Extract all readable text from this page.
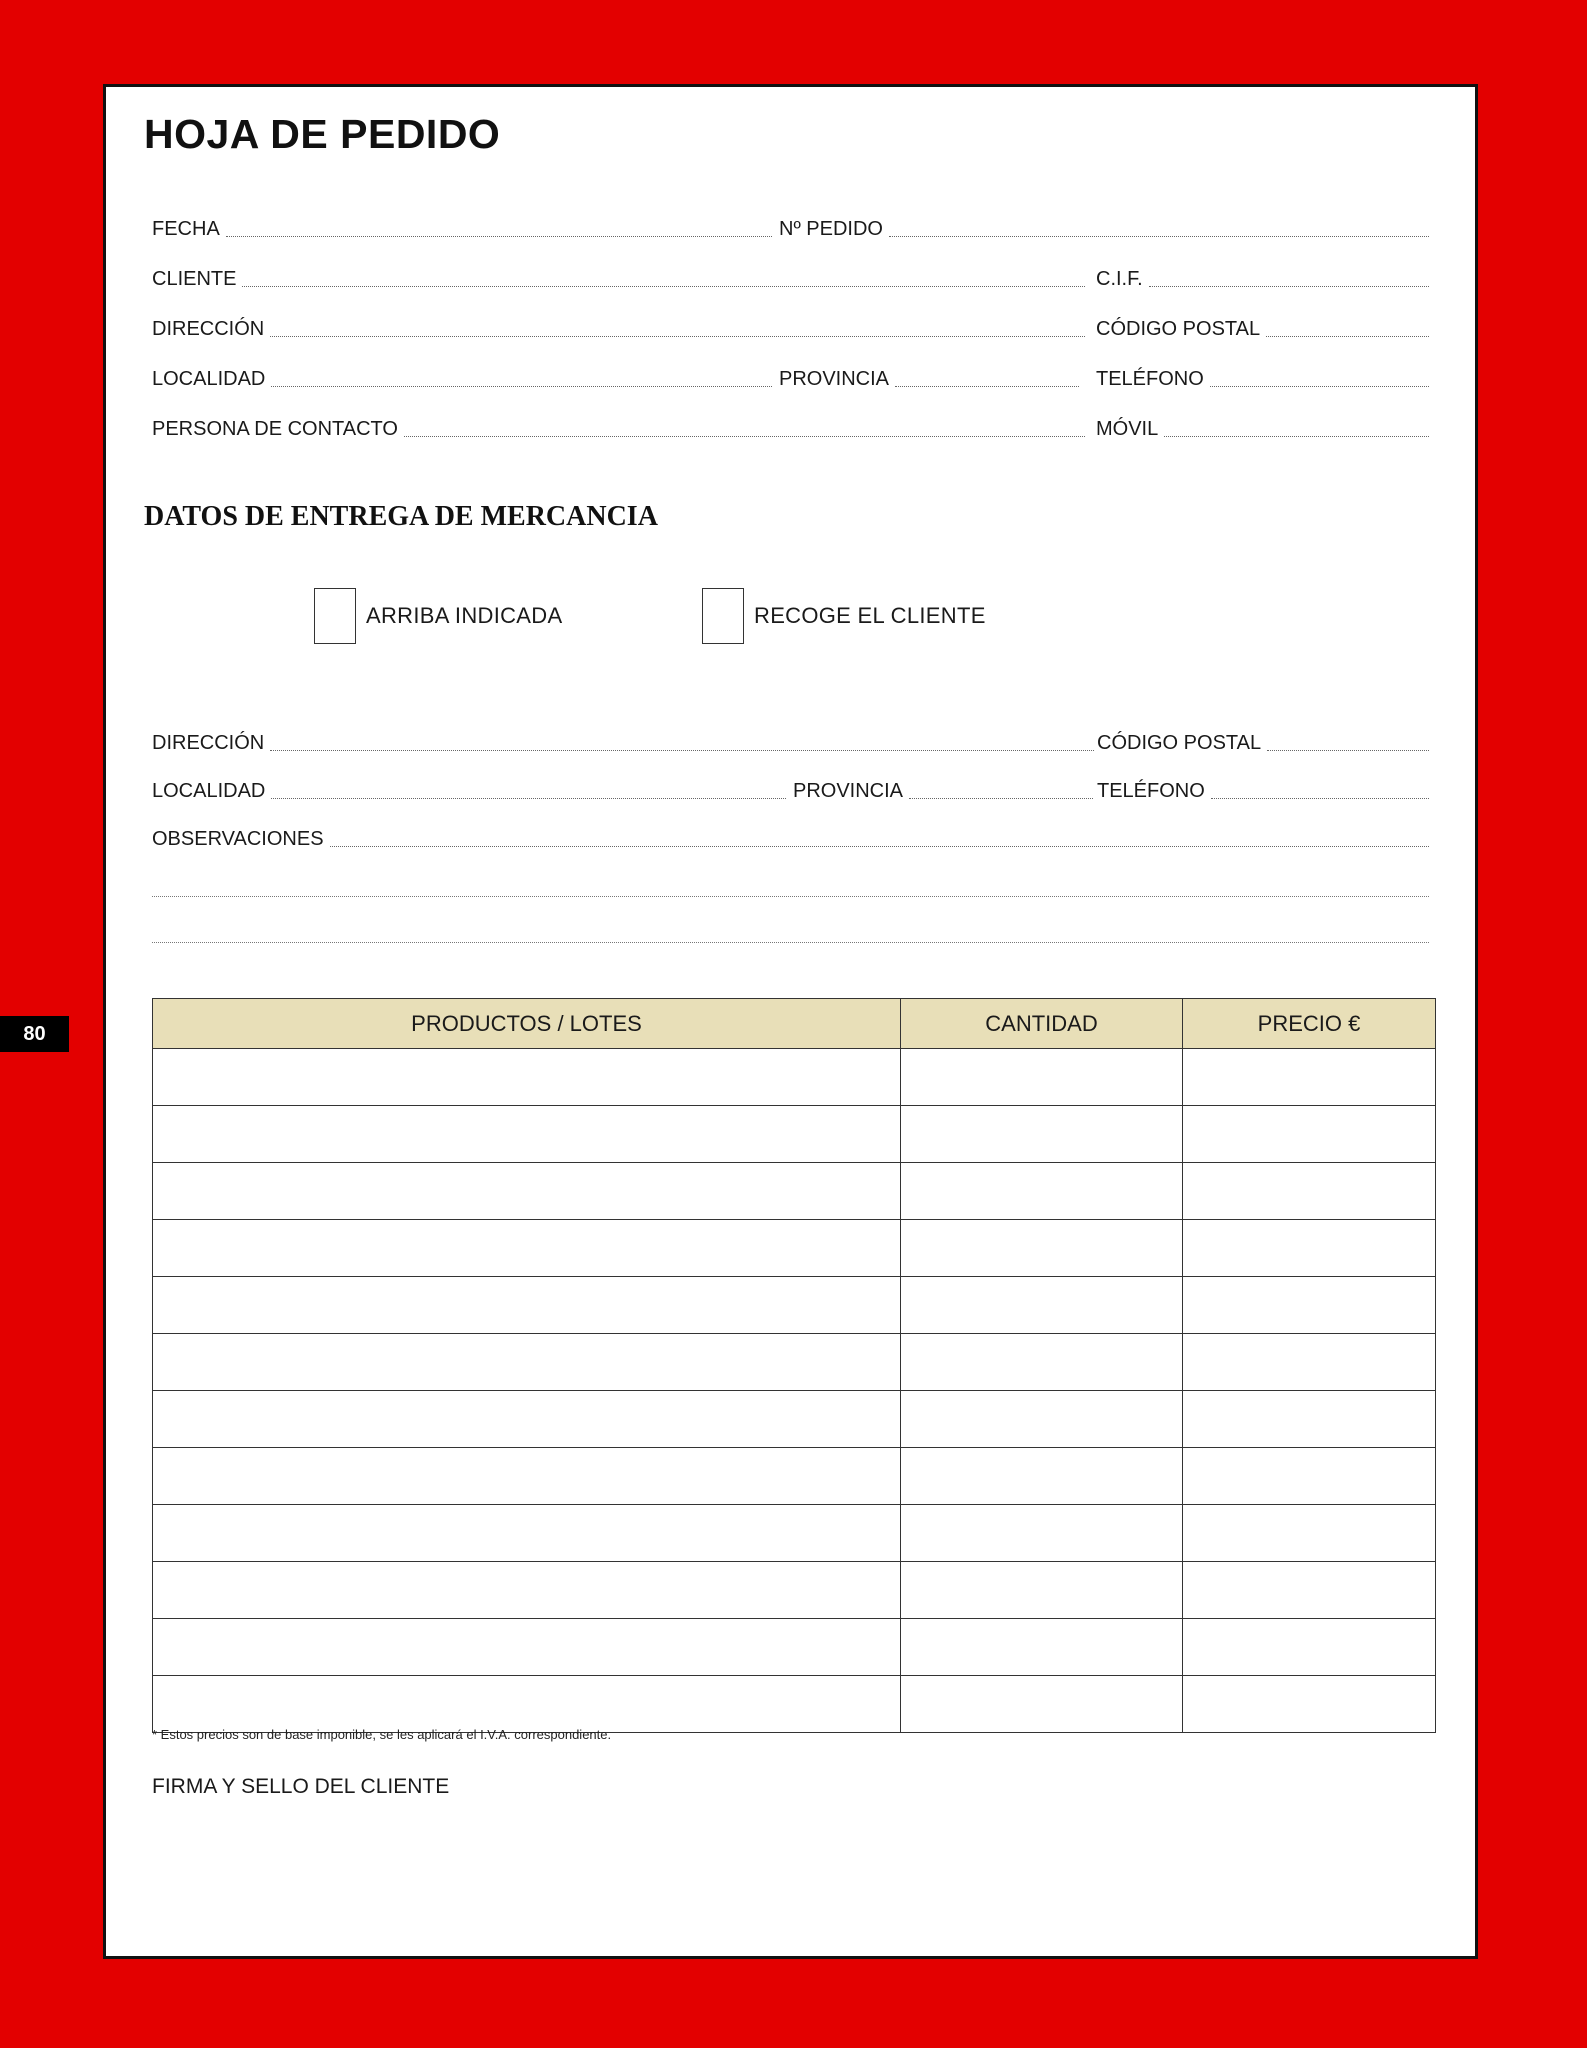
80
HOJA DE PEDIDO
FECHA	Nº PEDIDO
CLIENTE	C.I.F.
DIRECCIÓN	CÓDIGO POSTAL
LOCALIDAD	PROVINCIA	TELÉFONO
PERSONA DE CONTACTO	MÓVIL
DATOS DE ENTREGA DE MERCANCIA
ARRIBA INDICADA	RECOGE EL CLIENTE
DIRECCIÓN	CÓDIGO POSTAL
LOCALIDAD	PROVINCIA	TELÉFONO
OBSERVACIONES
PRODUCTOS / LOTES	CANTIDAD	PRECIO €

* Estos precios son de base imponible, se les aplicará el I.V.A. correspondiente.
FIRMA Y SELLO DEL CLIENTE
